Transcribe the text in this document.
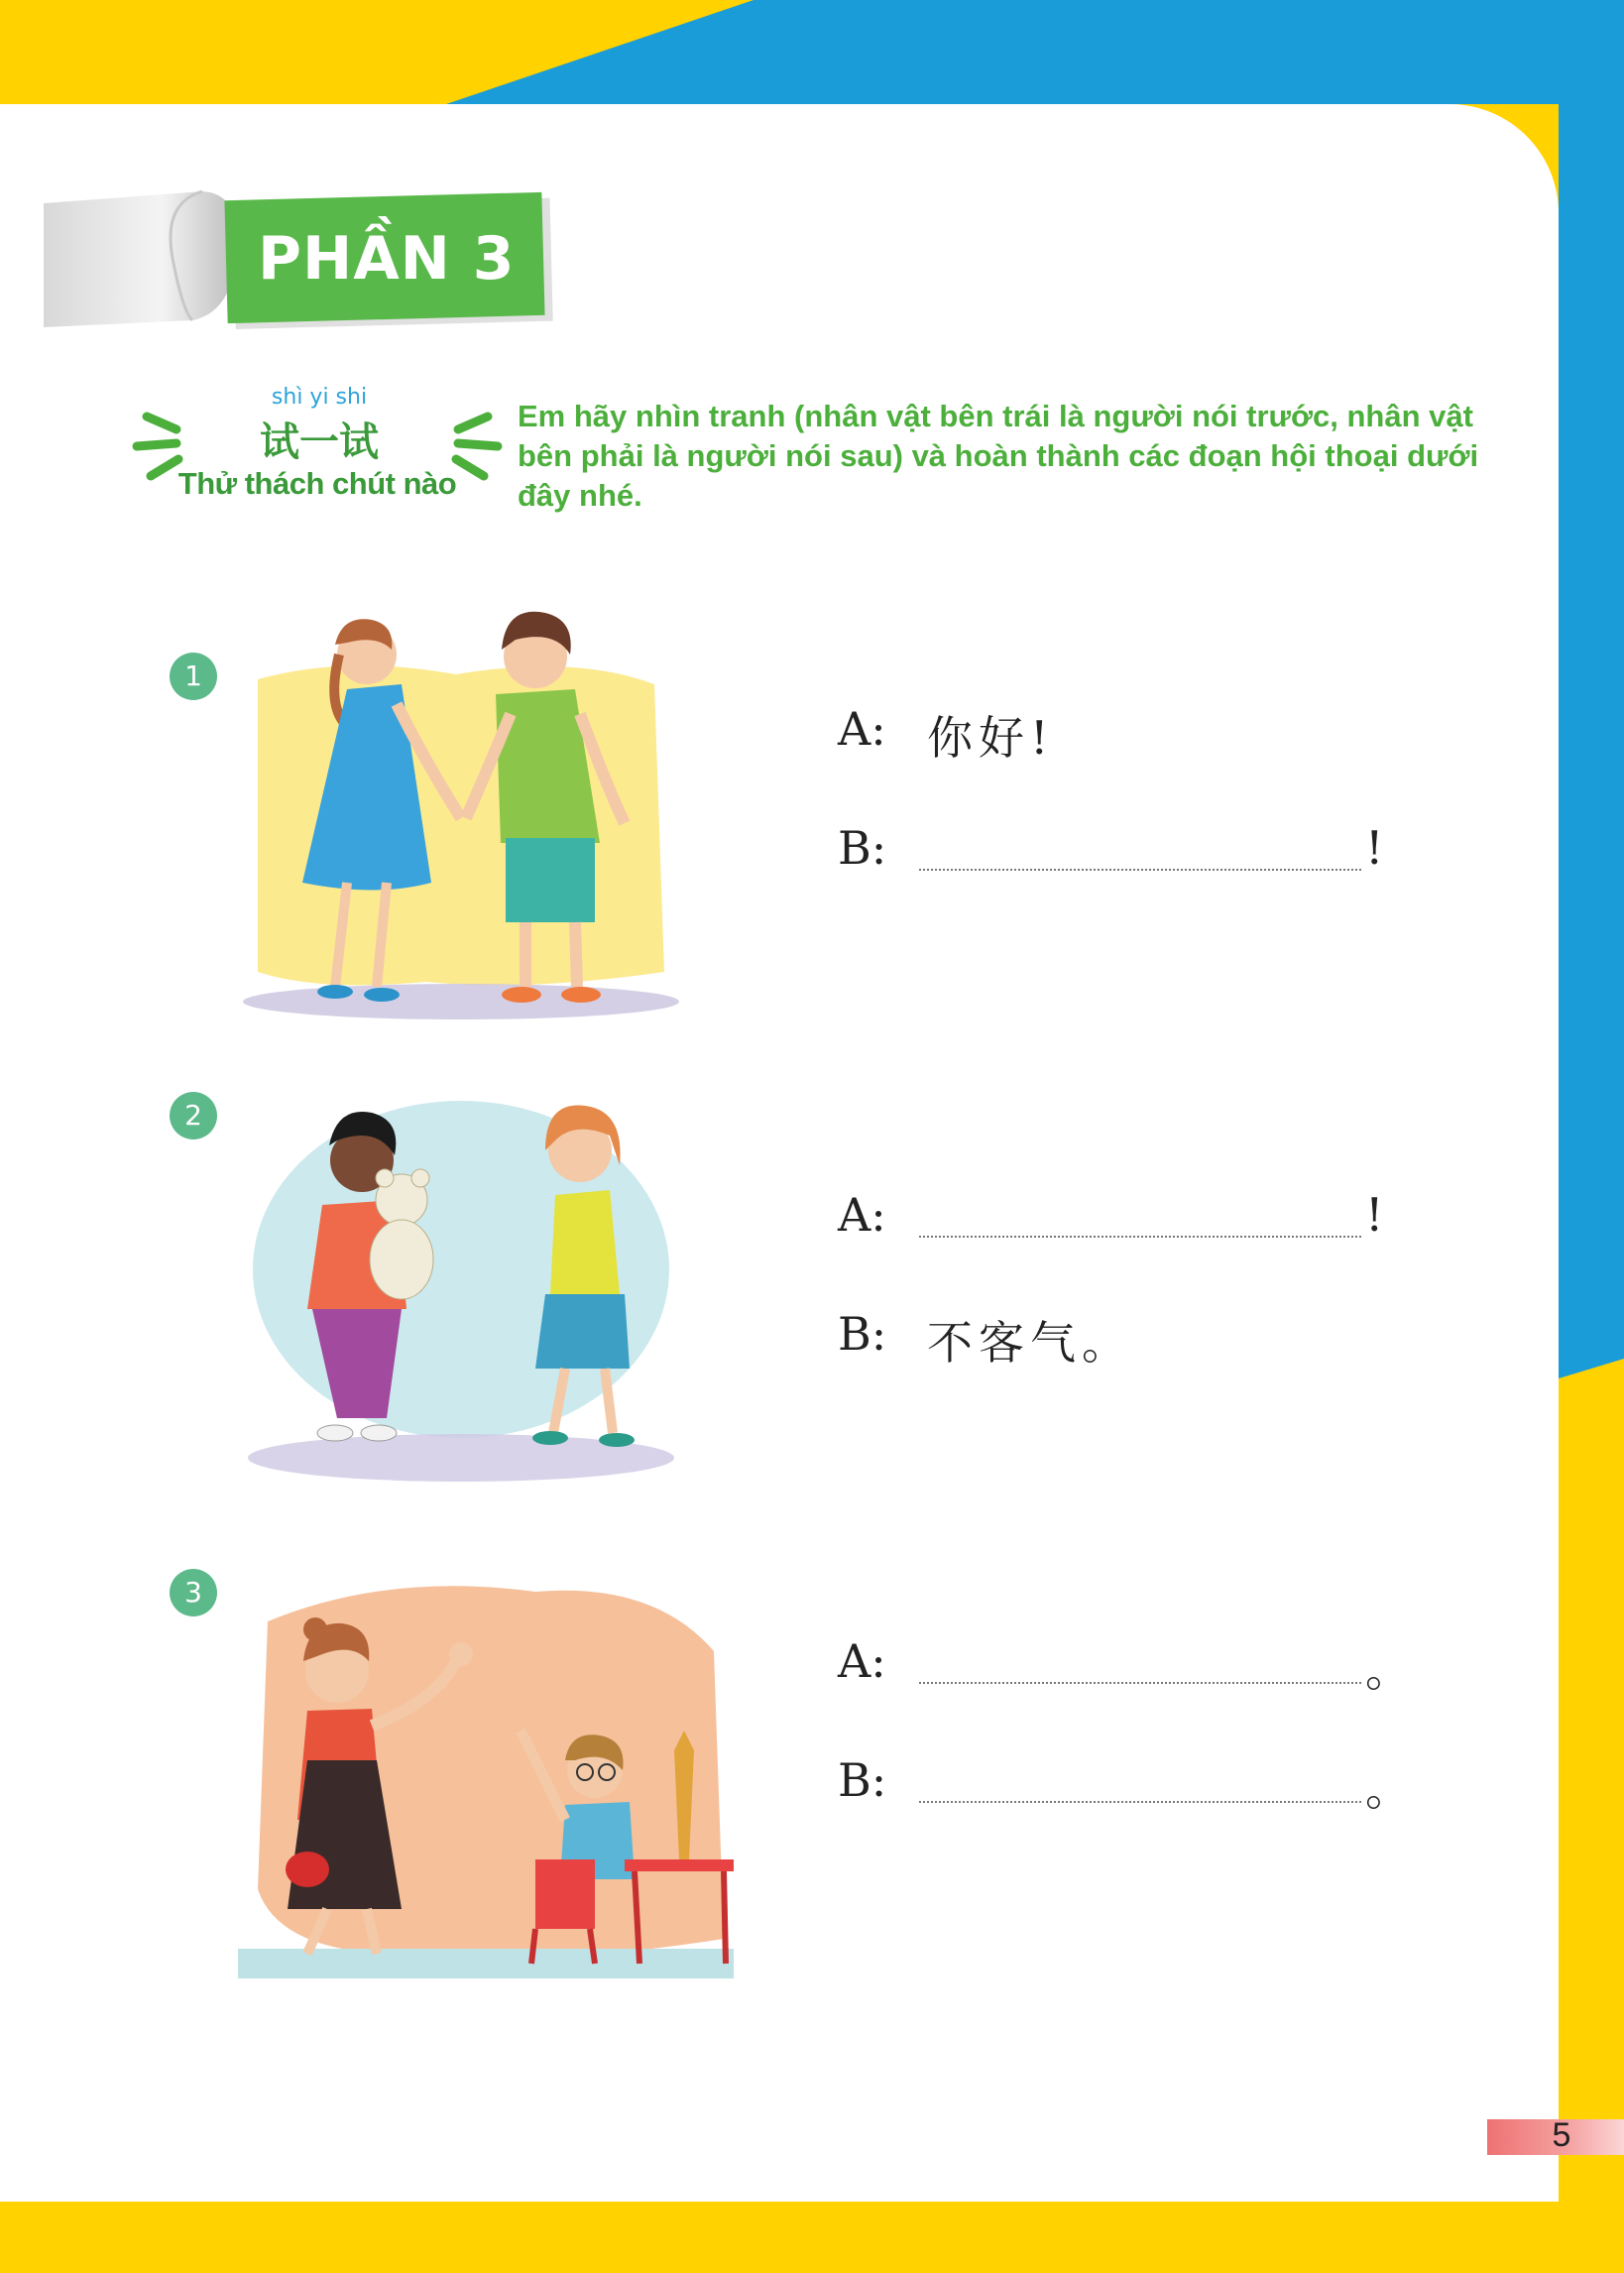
PHẦN 3
shì yi shi
试一试
Thử thách chút nào
Em hãy nhìn tranh (nhân vật bên trái là người nói trước, nhân vật bên phải là người nói sau) và hoàn thành các đoạn hội thoại dưới đây nhé.
1
A: 你好!
B:	!
2
A:	!
B: 不客气。
3
A:	。
B:	。
5
